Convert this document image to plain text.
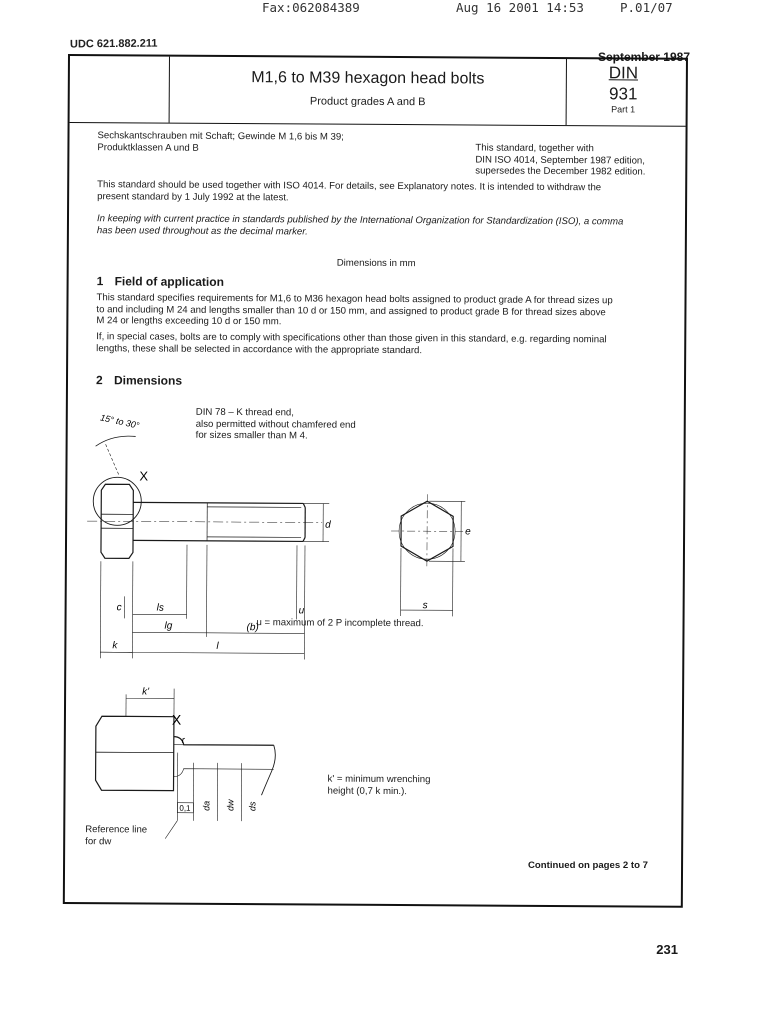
Fax:062084389	Aug 16 2001 14:53	P.01/07
UDC 621.882.211
September 1987
M1,6 to M39 hexagon head bolts
Product grades A and B
DIN
931
Part 1
Sechskantschrauben mit Schaft; Gewinde M 1,6 bis M 39;
Produktklassen A und B	This standard, together with
DIN ISO 4014, September 1987 edition,
supersedes the December 1982 edition.
This standard should be used together with ISO 4014. For details, see Explanatory notes. It is intended to withdraw the
present standard by 1 July 1992 at the latest.
In keeping with current practice in standards published by the International Organization for Standardization (ISO), a comma
has been used throughout as the decimal marker.
Dimensions in mm
1 Field of application
This standard specifies requirements for M1,6 to M36 hexagon head bolts assigned to product grade A for thread sizes up
to and including M 24 and lengths smaller than 10 d or 150 mm, and assigned to product grade B for thread sizes above
M 24 or lengths exceeding 10 d or 150 mm.
If, in special cases, bolts are to comply with specifications other than those given in this standard, e.g. regarding nominal
lengths, these shall be selected in accordance with the appropriate standard.
2 Dimensions
DIN 78 – K thread end,
also permitted without chamfered end
for sizes smaller than M 4.
15° to 30°
X
d
e
s
c	ls
lg
u
(b)
k	l
u = maximum of 2 P incomplete thread.
X
k'
r
0,1 da dw ds
Reference line
for dw
k' = minimum wrenching
height (0,7 k min.).
Continued on pages 2 to 7
231
